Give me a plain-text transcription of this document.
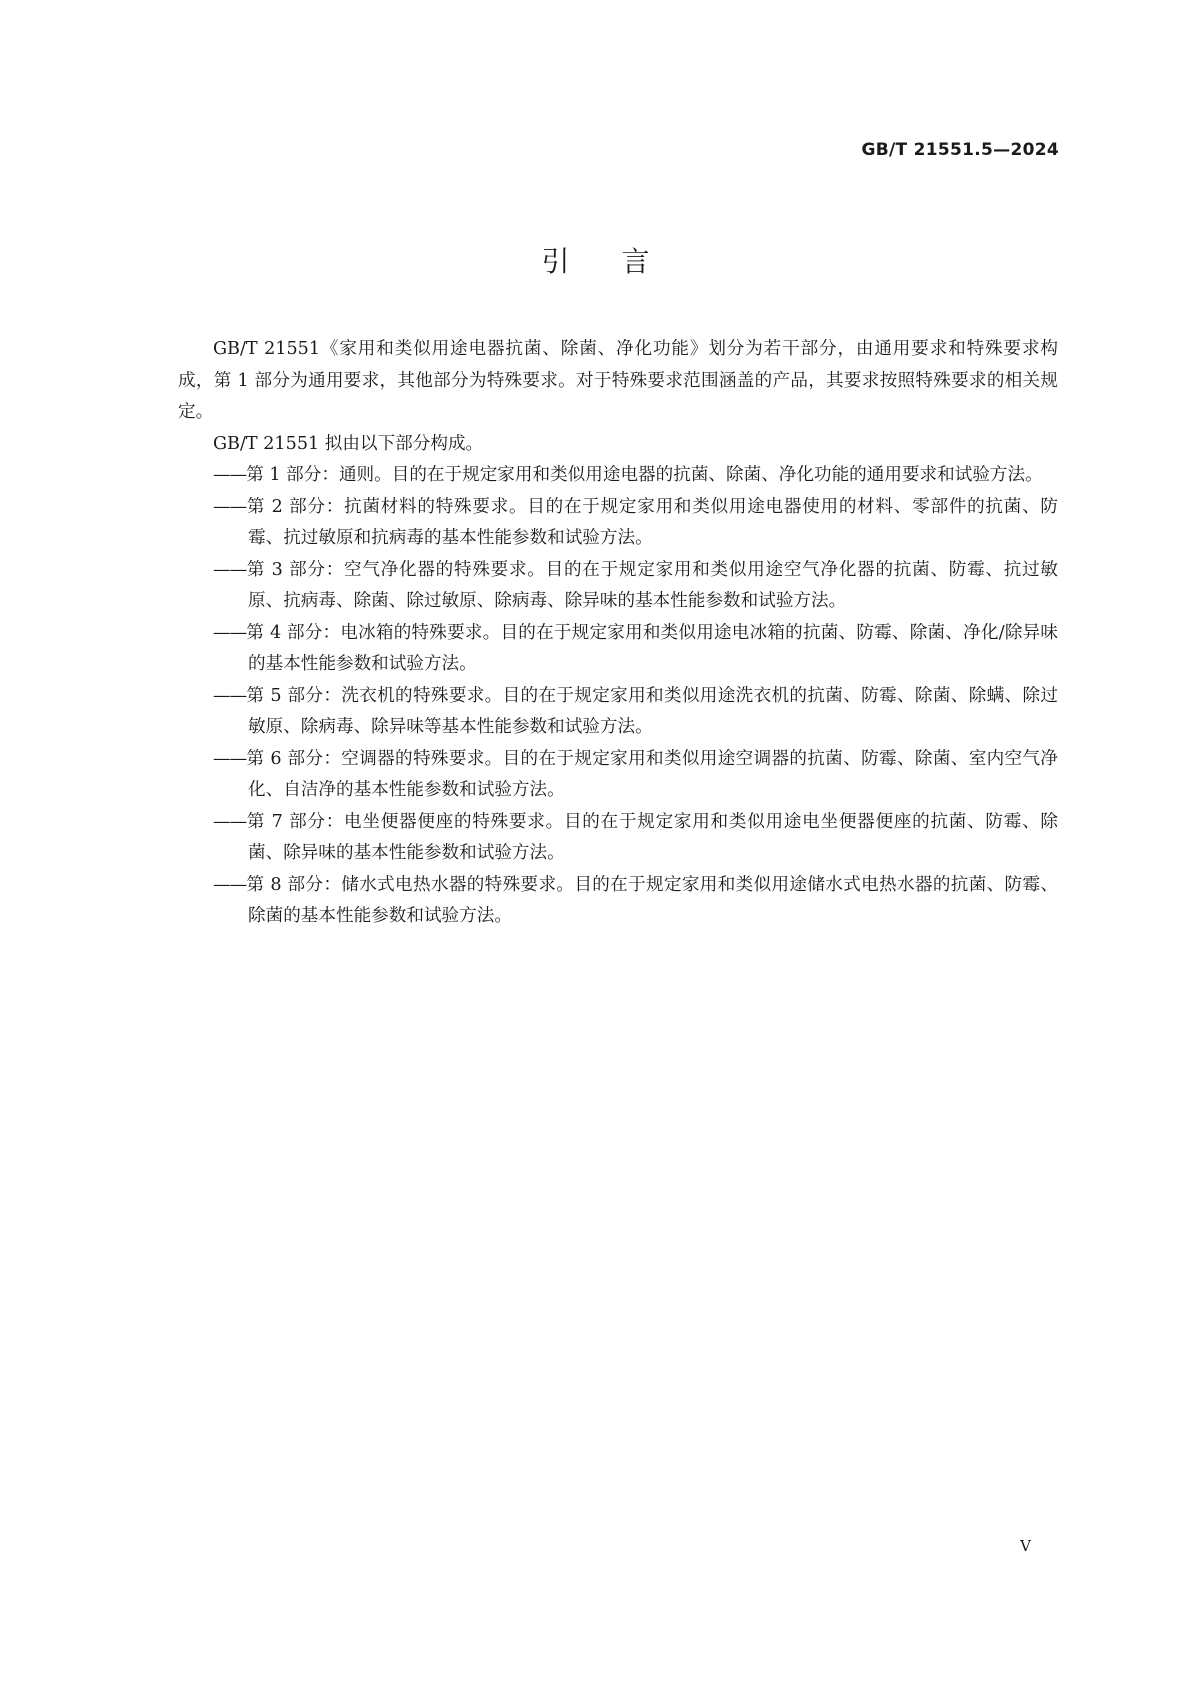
GB/T 21551.5—2024
引言

GB/T 21551《家用和类似用途电器抗菌、除菌、净化功能》划分为若干部分，由通用要求和特殊要求构成，第 1 部分为通用要求，其他部分为特殊要求。对于特殊要求范围涵盖的产品，其要求按照特殊要求的相关规定。

GB/T 21551 拟由以下部分构成。

——第 1 部分：通则。目的在于规定家用和类似用途电器的抗菌、除菌、净化功能的通用要求和试验方法。
——第 2 部分：抗菌材料的特殊要求。目的在于规定家用和类似用途电器使用的材料、零部件的抗菌、防霉、抗过敏原和抗病毒的基本性能参数和试验方法。
——第 3 部分：空气净化器的特殊要求。目的在于规定家用和类似用途空气净化器的抗菌、防霉、抗过敏原、抗病毒、除菌、除过敏原、除病毒、除异味的基本性能参数和试验方法。
——第 4 部分：电冰箱的特殊要求。目的在于规定家用和类似用途电冰箱的抗菌、防霉、除菌、净化/除异味的基本性能参数和试验方法。
——第 5 部分：洗衣机的特殊要求。目的在于规定家用和类似用途洗衣机的抗菌、防霉、除菌、除螨、除过敏原、除病毒、除异味等基本性能参数和试验方法。
——第 6 部分：空调器的特殊要求。目的在于规定家用和类似用途空调器的抗菌、防霉、除菌、室内空气净化、自洁净的基本性能参数和试验方法。
——第 7 部分：电坐便器便座的特殊要求。目的在于规定家用和类似用途电坐便器便座的抗菌、防霉、除菌、除异味的基本性能参数和试验方法。
——第 8 部分：储水式电热水器的特殊要求。目的在于规定家用和类似用途储水式电热水器的抗菌、防霉、除菌的基本性能参数和试验方法。
V
